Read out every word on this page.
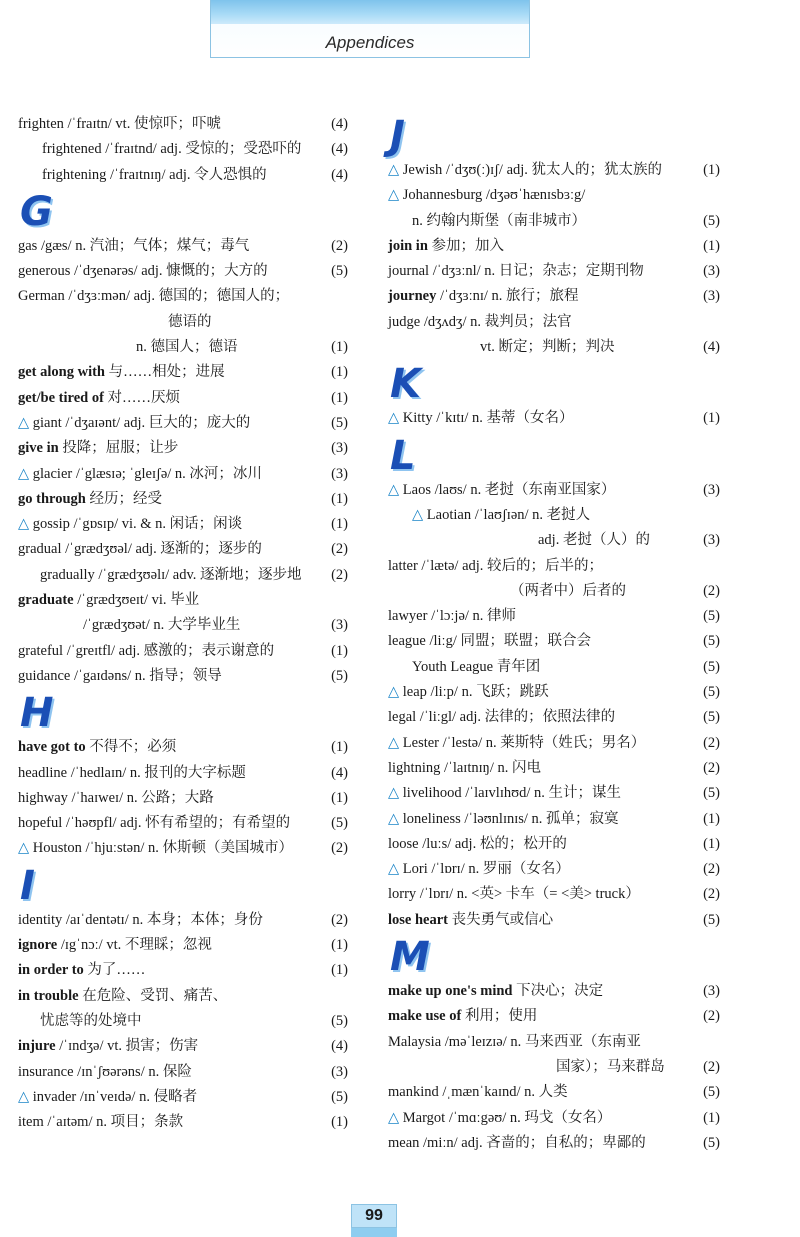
Appendices
frighten /ˈfraɪtn/ vt. 使惊吓；吓唬	(4)
frightened /ˈfraɪtnd/ adj. 受惊的；受恐吓的 (4)
frightening /ˈfraɪtnɪŋ/ adj. 令人恐惧的	(4)
G
gas /gæs/ n. 汽油；气体；煤气；毒气	(2)
generous /ˈdʒenərəs/ adj. 慷慨的；大方的	(5)
German /ˈdʒɜːmən/ adj. 德国的；德国人的；
德语的
n. 德国人；德语	(1)
get along with 与……相处；进展	(1)
get/be tired of 对……厌烦	(1)
△ giant /ˈdʒaɪənt/ adj. 巨大的；庞大的	(5)
give in 投降；屈服；让步	(3)
△ glacier /ˈglæsɪə; ˈgleɪʃə/ n. 冰河；冰川	(3)
go through 经历；经受	(1)
△ gossip /ˈgɒsɪp/ vi. & n. 闲话；闲谈	(1)
gradual /ˈgrædʒʊəl/ adj. 逐渐的；逐步的	(2)
gradually /ˈgrædʒʊəlɪ/ adv. 逐渐地；逐步地 (2)
graduate /ˈgrædʒʊeɪt/ vi. 毕业
/ˈgrædʒʊət/ n. 大学毕业生	(3)
grateful /ˈgreɪtfl/ adj. 感激的；表示谢意的	(1)
guidance /ˈgaɪdəns/ n. 指导；领导	(5)
H
have got to 不得不；必须	(1)
headline /ˈhedlaɪn/ n. 报刊的大字标题	(4)
highway /ˈhaɪweɪ/ n. 公路；大路	(1)
hopeful /ˈhəʊpfl/ adj. 怀有希望的；有希望的	(5)
△ Houston /ˈhjuːstən/ n. 休斯顿（美国城市）	(2)
I
identity /aɪˈdentətɪ/ n. 本身；本体；身份	(2)
ignore /ɪgˈnɔː/ vt. 不理睬；忽视	(1)
in order to 为了……	(1)
in trouble 在危险、受罚、痛苦、
忧虑等的处境中	(5)
injure /ˈɪndʒə/ vt. 损害；伤害	(4)
insurance /ɪnˈʃʊərəns/ n. 保险	(3)
△ invader /ɪnˈveɪdə/ n. 侵略者	(5)
item /ˈaɪtəm/ n. 项目；条款	(1)
J
△ Jewish /ˈdʒʊ(ː)ɪʃ/ adj. 犹太人的；犹太族的	(1)
△ Johannesburg /dʒəʊˈhænɪsbɜːg/
n. 约翰内斯堡（南非城市）	(5)
join in 参加；加入	(1)
journal /ˈdʒɜːnl/ n. 日记；杂志；定期刊物	(3)
journey /ˈdʒɜːnɪ/ n. 旅行；旅程	(3)
judge /dʒʌdʒ/ n. 裁判员；法官
vt. 断定；判断；判决	(4)
K
△ Kitty /ˈkɪtɪ/ n. 基蒂（女名）	(1)
L
△ Laos /laʊs/ n. 老挝（东南亚国家）	(3)
△ Laotian /ˈlaʊʃɪən/ n. 老挝人
adj. 老挝（人）的	(3)
latter /ˈlætə/ adj. 较后的；后半的；
（两者中）后者的	(2)
lawyer /ˈlɔːjə/ n. 律师	(5)
league /liːg/ 同盟；联盟；联合会	(5)
Youth League 青年团	(5)
△ leap /liːp/ n. 飞跃；跳跃	(5)
legal /ˈliːgl/ adj. 法律的；依照法律的	(5)
△ Lester /ˈlestə/ n. 莱斯特（姓氏；男名）	(2)
lightning /ˈlaɪtnɪŋ/ n. 闪电	(2)
△ livelihood /ˈlaɪvlɪhʊd/ n. 生计；谋生	(5)
△ loneliness /ˈləʊnlɪnɪs/ n. 孤单；寂寞	(1)
loose /luːs/ adj. 松的；松开的	(1)
△ Lori /ˈlɒrɪ/ n. 罗丽（女名）	(2)
lorry /ˈlɒrɪ/ n. <英> 卡车（= <美> truck）	(2)
lose heart 丧失勇气或信心	(5)
M
make up one's mind 下决心；决定	(3)
make use of 利用；使用	(2)
Malaysia /məˈleɪzɪə/ n. 马来西亚（东南亚
国家）；马来群岛	(2)
mankind /ˌmænˈkaɪnd/ n. 人类	(5)
△ Margot /ˈmɑːgəʊ/ n. 玛戈（女名）	(1)
mean /miːn/ adj. 吝啬的；自私的；卑鄙的	(5)
99
